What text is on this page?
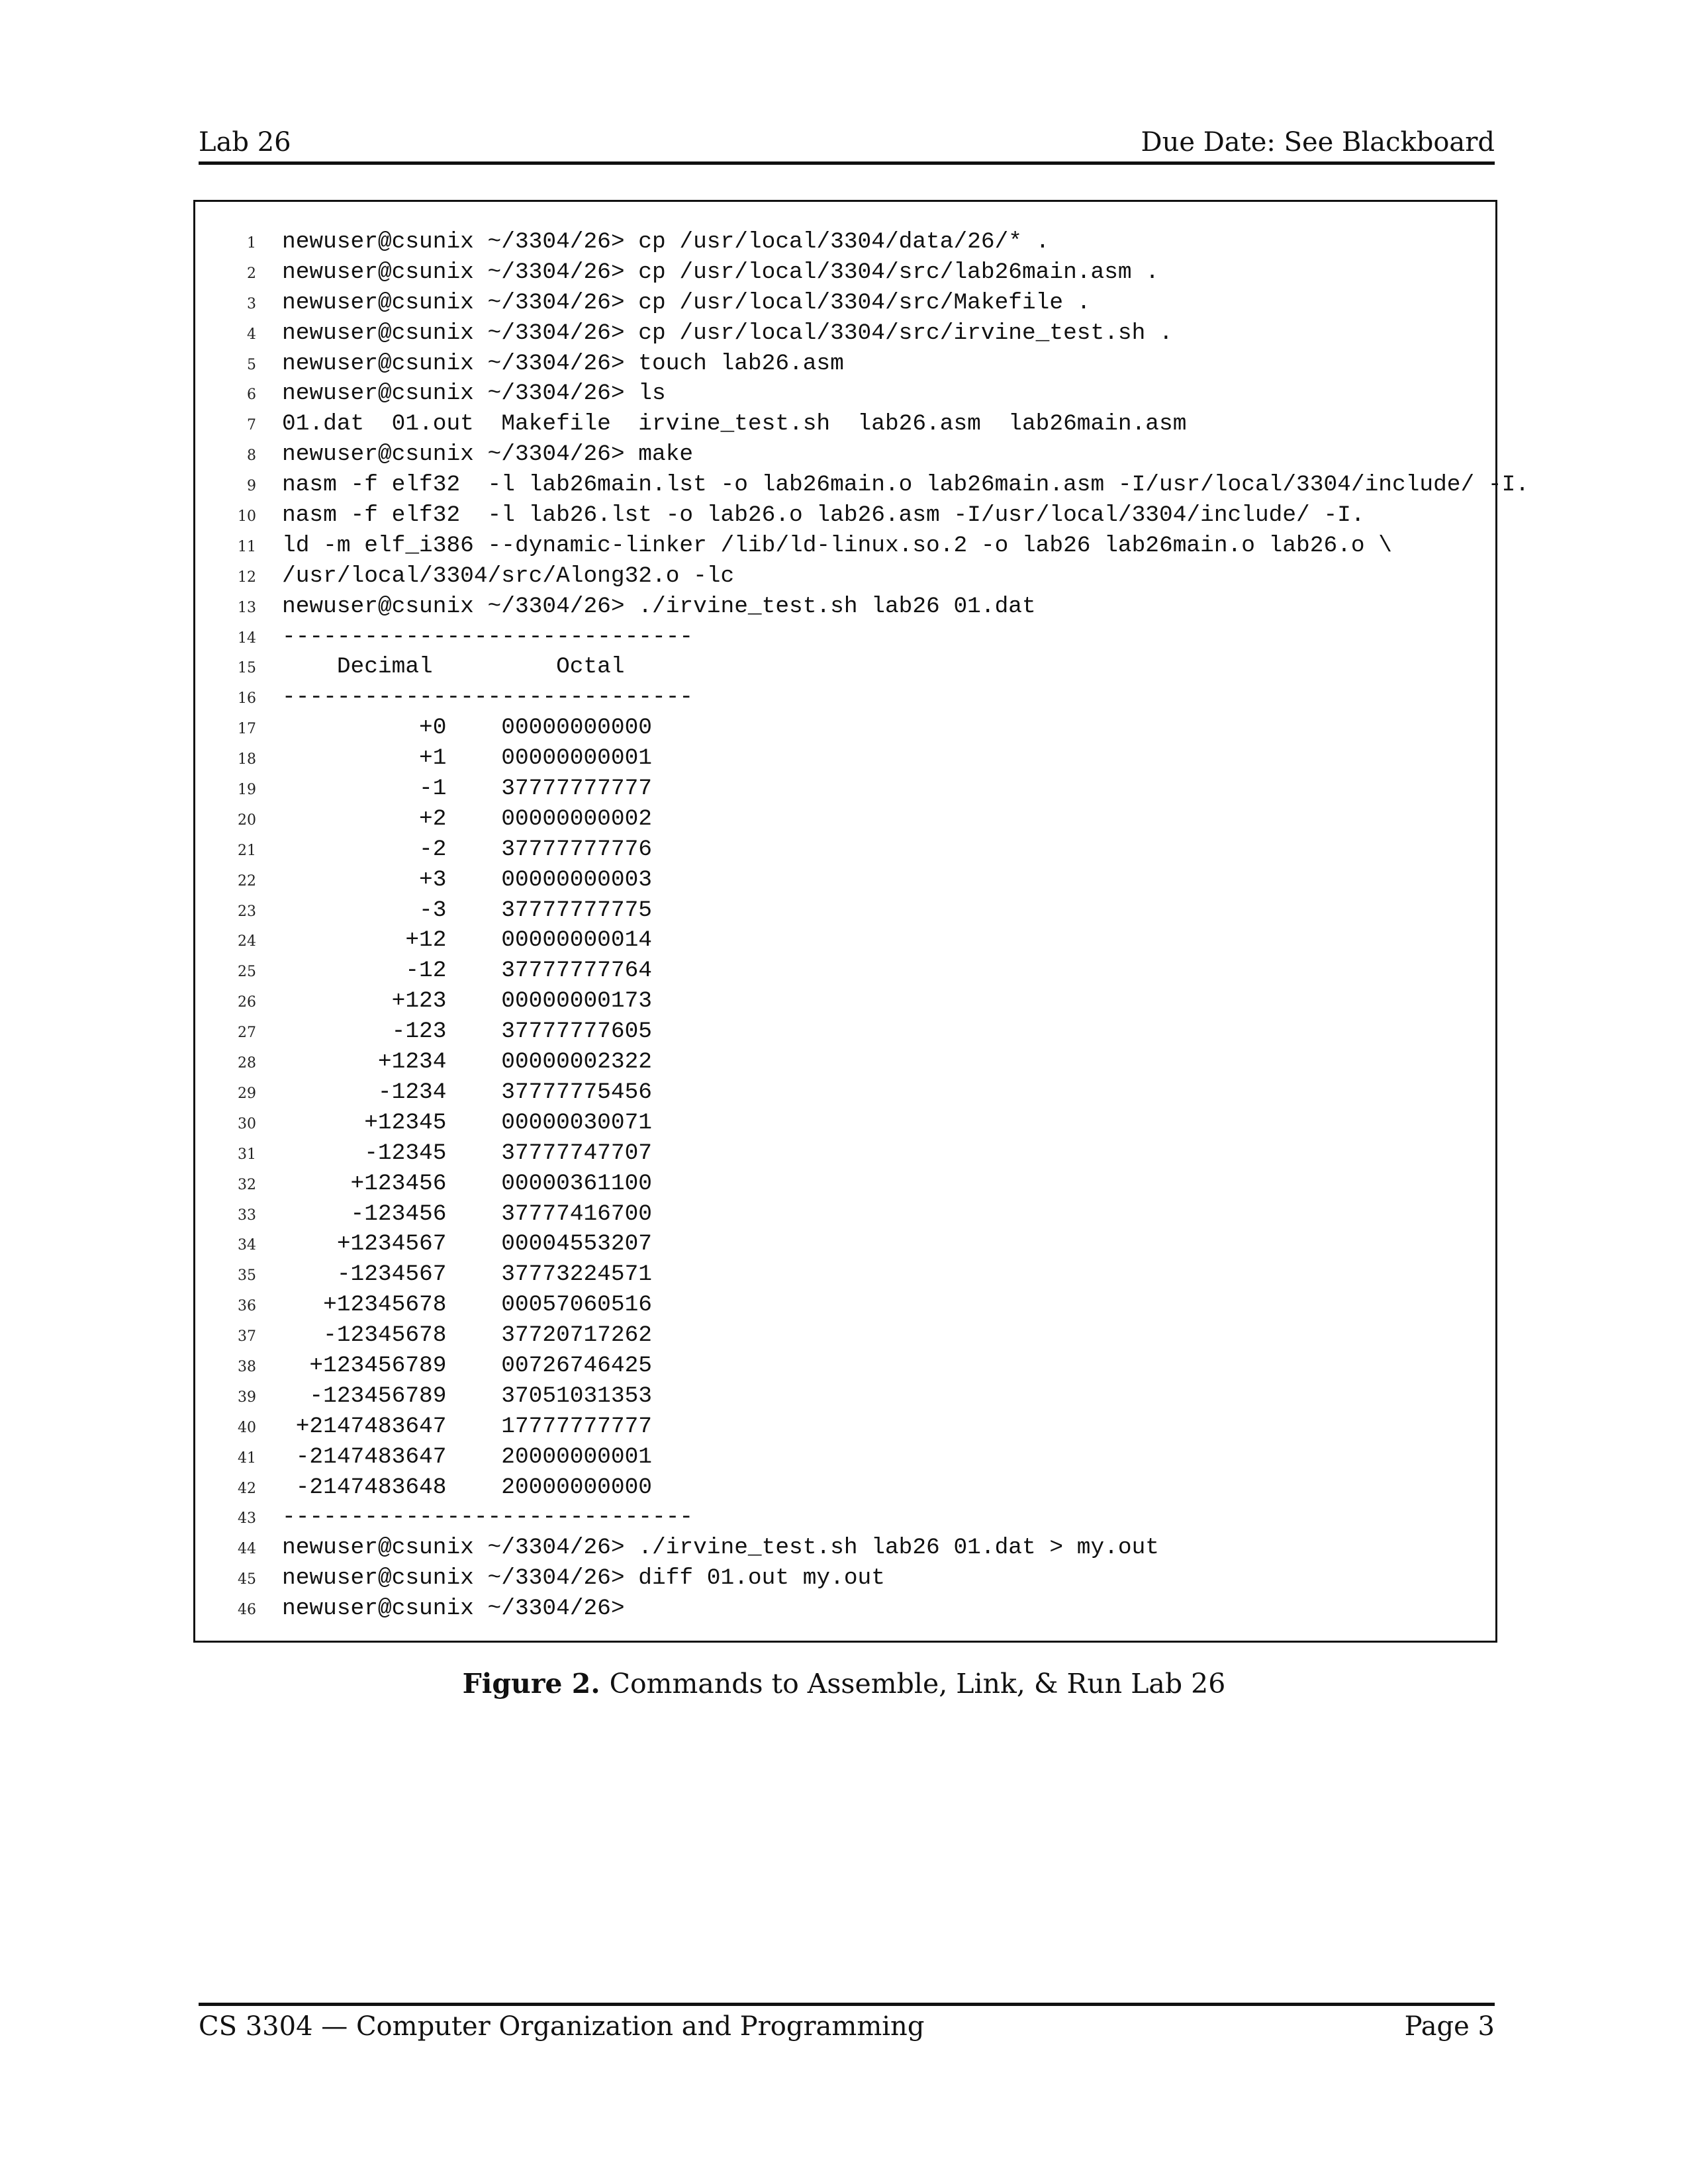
Lab 26	Due Date: See Blackboard
1 newuser@csunix ~/3304/26> cp /usr/local/3304/data/26/* .
2 newuser@csunix ~/3304/26> cp /usr/local/3304/src/lab26main.asm .
3 newuser@csunix ~/3304/26> cp /usr/local/3304/src/Makefile .
4 newuser@csunix ~/3304/26> cp /usr/local/3304/src/irvine_test.sh .
5 newuser@csunix ~/3304/26> touch lab26.asm
6 newuser@csunix ~/3304/26> ls
7 01.dat  01.out  Makefile  irvine_test.sh  lab26.asm  lab26main.asm
8 newuser@csunix ~/3304/26> make
9 nasm -f elf32  -l lab26main.lst -o lab26main.o lab26main.asm -I/usr/local/3304/include/ -I.
10 nasm -f elf32  -l lab26.lst -o lab26.o lab26.asm -I/usr/local/3304/include/ -I.
11 ld -m elf_i386 --dynamic-linker /lib/ld-linux.so.2 -o lab26 lab26main.o lab26.o \
12 /usr/local/3304/src/Along32.o -lc
13 newuser@csunix ~/3304/26> ./irvine_test.sh lab26 01.dat
14 ------------------------------
15 Decimal         Octal
16 ------------------------------
17 +0    00000000000
18 +1    00000000001
19 -1    37777777777
20 +2    00000000002
21 -2    37777777776
22 +3    00000000003
23 -3    37777777775
24 +12    00000000014
25 -12    37777777764
26 +123    00000000173
27 -123    37777777605
28 +1234    00000002322
29 -1234    37777775456
30 +12345    00000030071
31 -12345    37777747707
32 +123456    00000361100
33 -123456    37777416700
34 +1234567    00004553207
35 -1234567    37773224571
36 +12345678    00057060516
37 -12345678    37720717262
38 +123456789    00726746425
39 -123456789    37051031353
40 +2147483647    17777777777
41 -2147483647    20000000001
42 -2147483648    20000000000
43 ------------------------------
44 newuser@csunix ~/3304/26> ./irvine_test.sh lab26 01.dat > my.out
45 newuser@csunix ~/3304/26> diff 01.out my.out
46 newuser@csunix ~/3304/26>
Figure 2. Commands to Assemble, Link, & Run Lab 26
CS 3304 — Computer Organization and Programming	Page 3
